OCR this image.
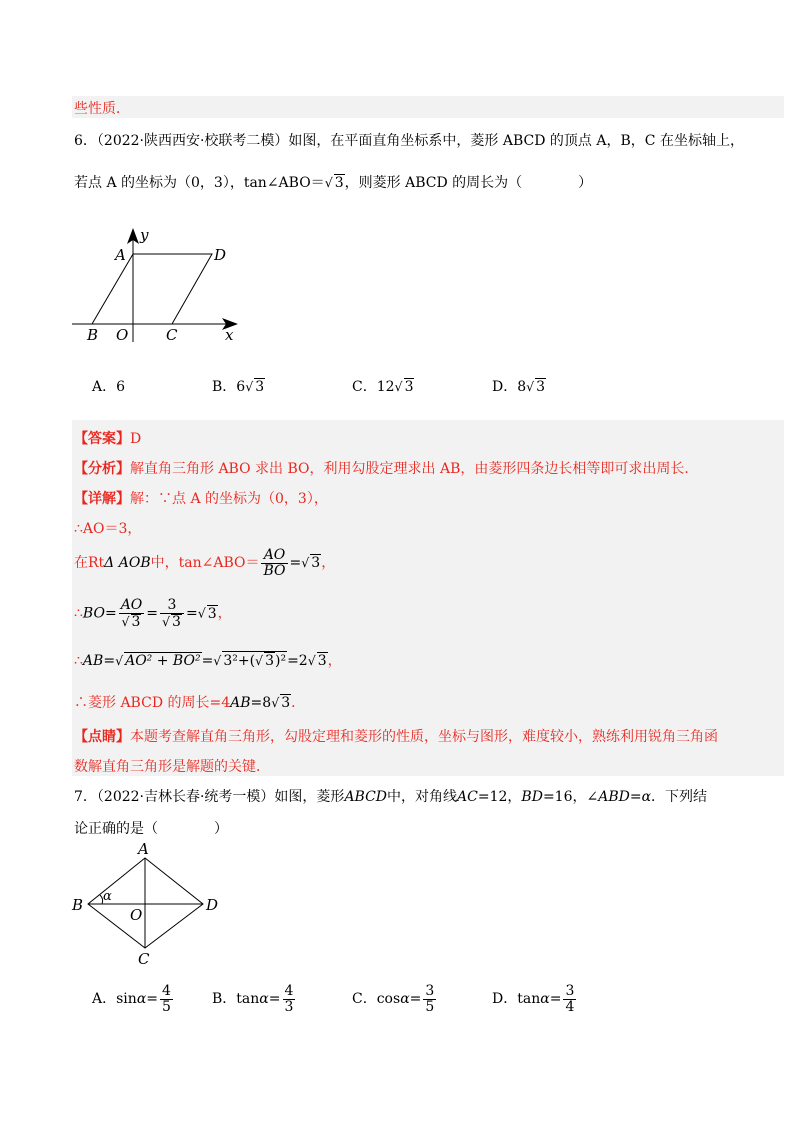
些性质．
6．（2022·陕西西安·校联考二模）如图，在平面直角坐标系中，菱形 ABCD 的顶点 A，B，C 在坐标轴上，
若点 A 的坐标为（0，3），tan∠ABO＝√ 3，则菱形 ABCD 的周长为（　　　　）
y
A	D
B O	C	x
A．6	B．6√ 3	C．12√ 3	D．8√ 3
【答案】D
【分析】解直角三角形 ABO 求出 BO，利用勾股定理求出 AB，由菱形四条边长相等即可求出周长．
【详解】解：∵点 A 的坐标为（0，3），
∴AO＝3，
在RtΔ AOB中，tan∠ABO＝ $\frac{AO}{BO}$ =√ 3，
∴BO= $\frac{AO}{√ 3} = \frac{3}{√ 3}$ =√ 3，
∴AB=√ AO² + BO²=√ 3²+(√ 3)²=2√ 3，
∴菱形 ABCD 的周长=4AB=8√ 3．
【点睛】本题考查解直角三角形，勾股定理和菱形的性质，坐标与图形，难度较小，熟练利用锐角三角函
数解直角三角形是解题的关键．
7．（2022·吉林长春·统考一模）如图，菱形ABCD中，对角线AC=12，BD=16，∠ABD=α．下列结
论正确的是（　　　　）
A
B	D
C
O
α
A．$\sin\alpha= \frac{4}{5}$	B．$\tan\alpha= \frac{4}{3}$	C．$\cos\alpha= \frac{3}{5}$	D．$\tan\alpha= \frac{3}{4}$
